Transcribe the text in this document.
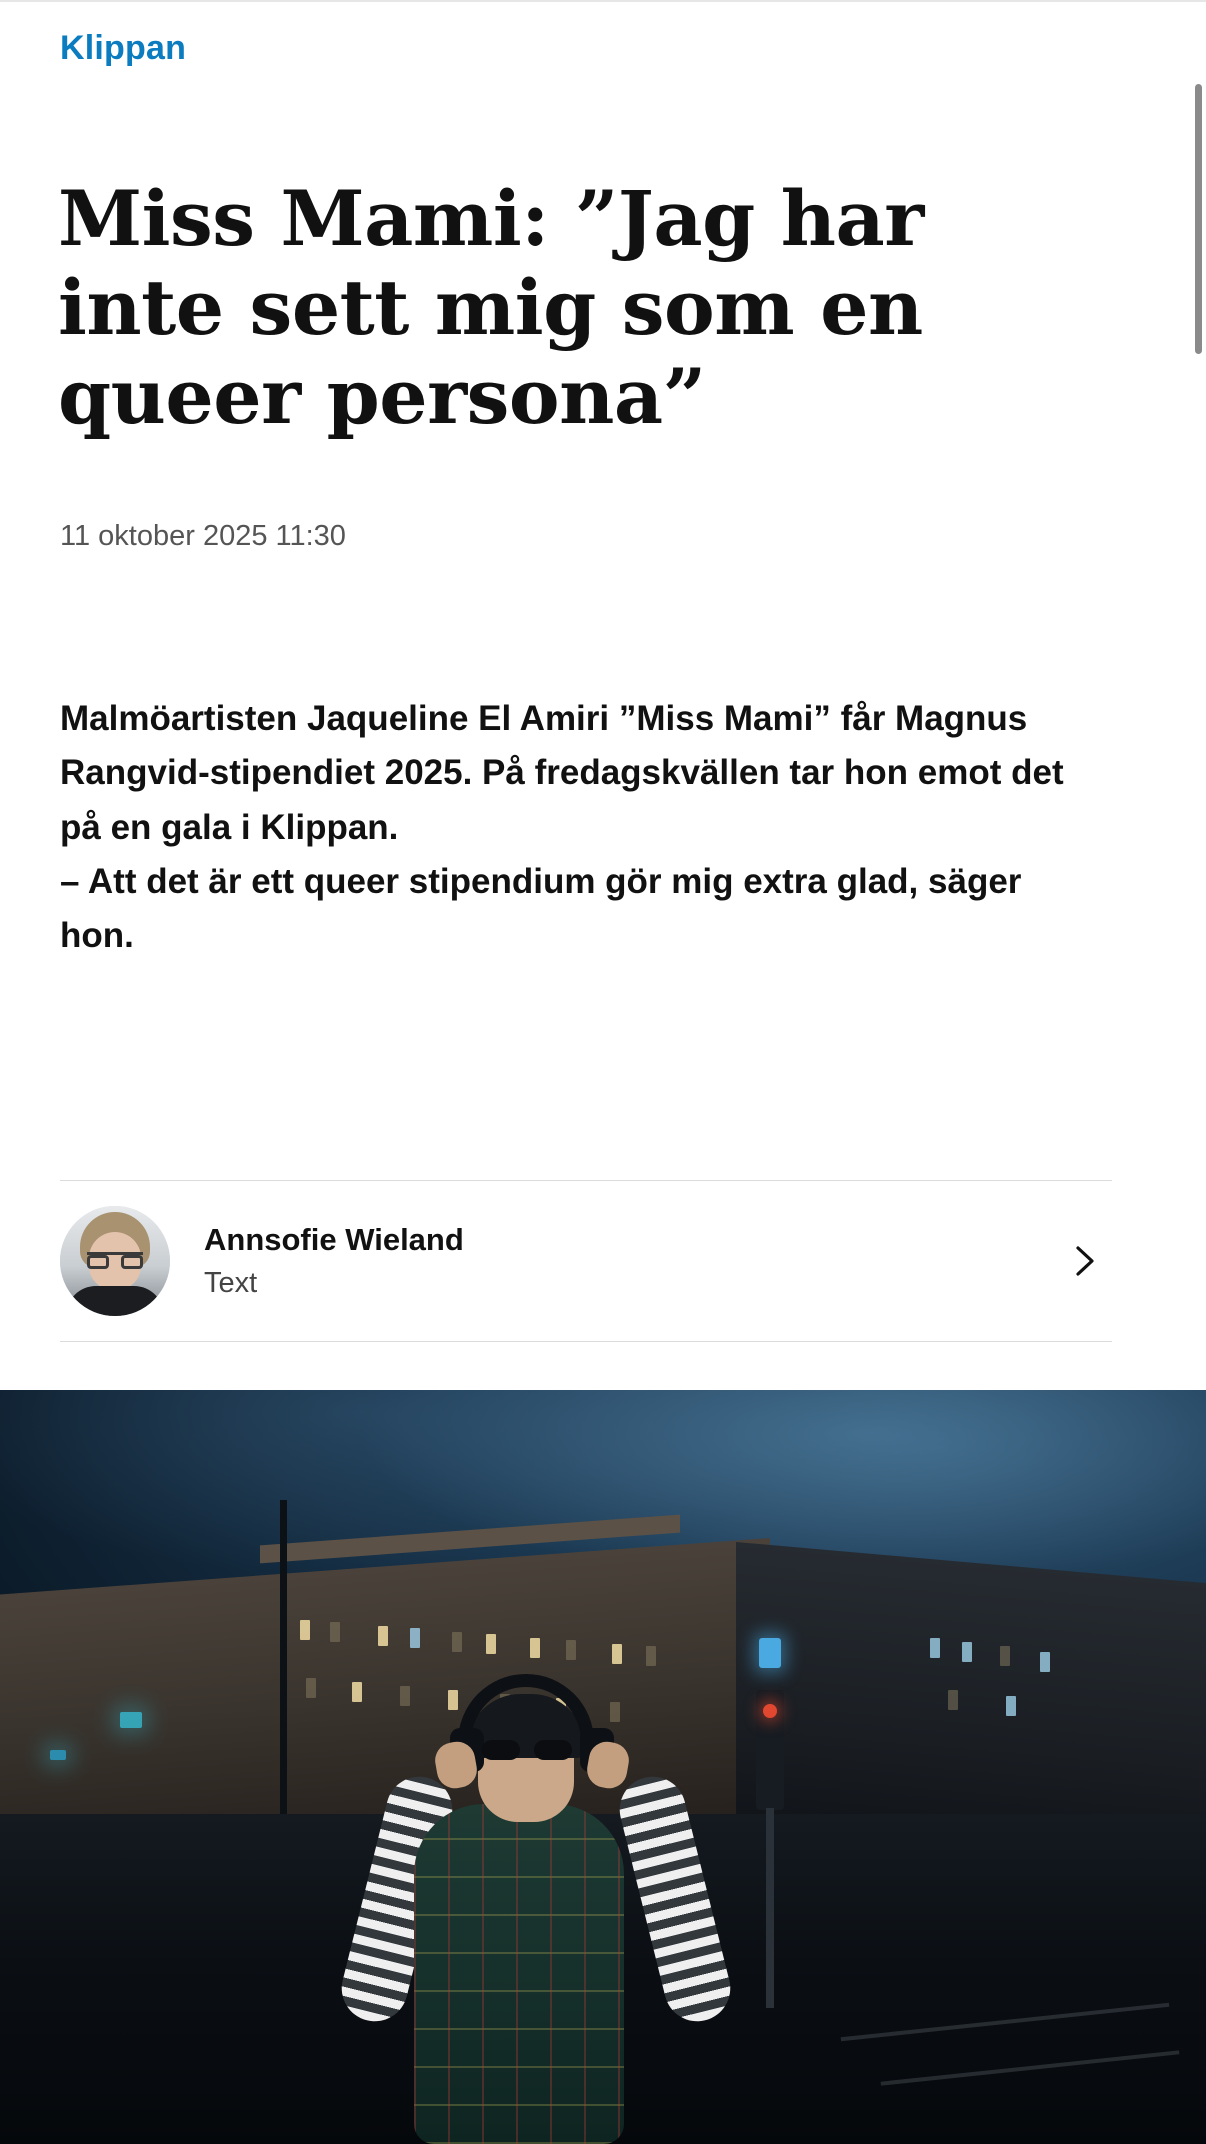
Klippan
Miss Mami: ”Jag har inte sett mig som en queer persona”
11 oktober 2025 11:30

Malmöartisten Jaqueline El Amiri ”Miss Mami” får Magnus Rangvid-stipendiet 2025. På fredagskvällen tar hon emot det på en gala i Klippan.

– Att det är ett queer stipendium gör mig extra glad, säger hon.

Annsofie Wieland
Text
